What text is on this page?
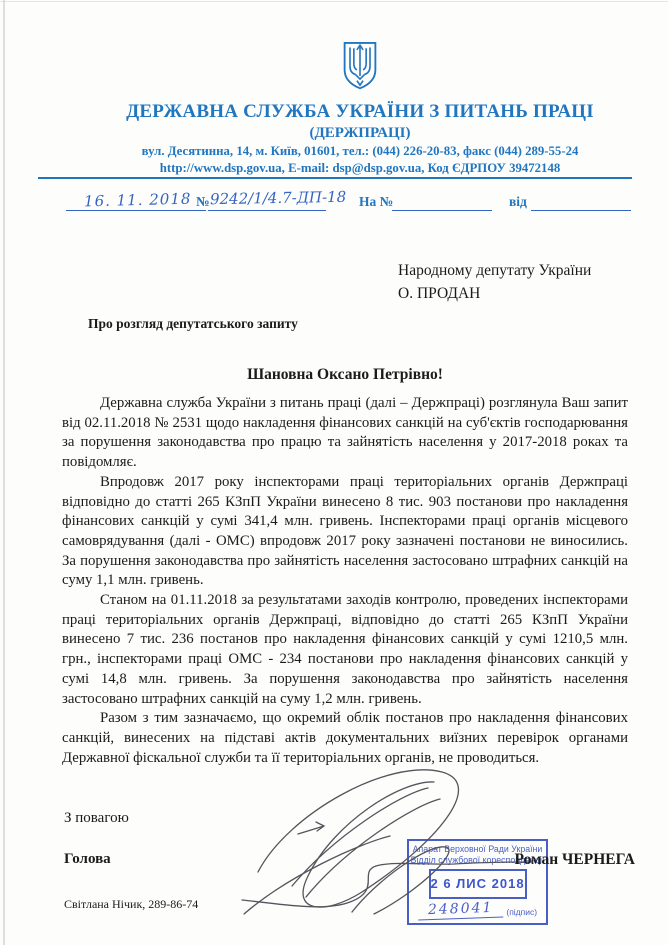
ДЕРЖАВНА СЛУЖБА УКРАЇНИ З ПИТАНЬ ПРАЦІ
(ДЕРЖПРАЦІ)
вул. Десятинна, 14, м. Київ, 01601, тел.: (044) 226-20-83, факс (044) 289-55-24
http://www.dsp.gov.ua, E-mail: dsp@dsp.gov.ua, Код ЄДРПОУ 39472148
16. 11. 2018 № 9242/1/4.7-ДП-18 На №	від
Народному депутату України
О. ПРОДАН
Про розгляд депутатського запиту
Шановна Оксано Петрівно!

Державна служба України з питань праці (далі – Держпраці) розглянула Ваш запит від 02.11.2018 № 2531 щодо накладення фінансових санкцій на суб'єктів господарювання за порушення законодавства про працю та зайнятість населення у 2017-2018 роках та повідомляє.

Впродовж 2017 року інспекторами праці територіальних органів Держпраці відповідно до статті 265 КЗпП України винесено 8 тис. 903 постанови про накладення фінансових санкцій у сумі 341,4 млн. гривень. Інспекторами праці органів місцевого самоврядування (далі - ОМС) впродовж 2017 року зазначені постанови не виносились. За порушення законодавства про зайнятість населення застосовано штрафних санкцій на суму 1,1 млн. гривень.

Станом на 01.11.2018 за результатами заходів контролю, проведених інспекторами праці територіальних органів Держпраці, відповідно до статті 265 КЗпП України винесено 7 тис. 236 постанов про накладення фінансових санкцій у сумі 1210,5 млн. грн., інспекторами праці ОМС - 234 постанови про накладення фінансових санкцій у сумі 14,8 млн. гривень. За порушення законодавства про зайнятість населення застосовано штрафних санкцій на суму 1,2 млн. гривень.

Разом з тим зазначаємо, що окремий облік постанов про накладення фінансових санкцій, винесених на підставі актів документальних виїзних перевірок органами Державної фіскальної служби та її територіальних органів, не проводиться.

З повагою
Голова	Роман ЧЕРНЕГА
Світлана Нічик, 289-86-74
Апарат Верховної Ради України
Відділ службової кореспонденції
2 6 ЛИС 2018
248041	(підпис)
